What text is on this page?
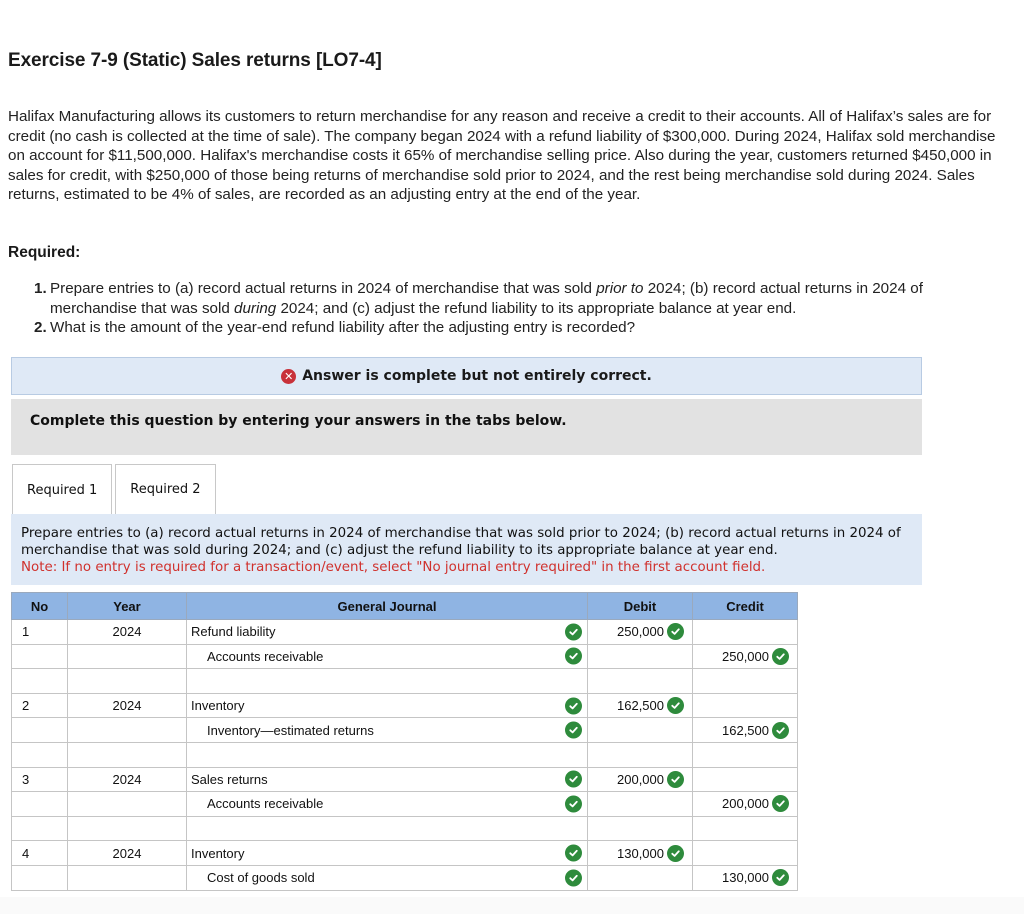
Exercise 7-9 (Static) Sales returns [LO7-4]
Halifax Manufacturing allows its customers to return merchandise for any reason and receive a credit to their accounts. All of Halifax’s sales are for credit (no cash is collected at the time of sale). The company began 2024 with a refund liability of $300,000. During 2024, Halifax sold merchandise on account for $11,500,000. Halifax's merchandise costs it 65% of merchandise selling price. Also during the year, customers returned $450,000 in sales for credit, with $250,000 of those being returns of merchandise sold prior to 2024, and the rest being merchandise sold during 2024. Sales returns, estimated to be 4% of sales, are recorded as an adjusting entry at the end of the year.
Required:
1. Prepare entries to (a) record actual returns in 2024 of merchandise that was sold prior to 2024; (b) record actual returns in 2024 of merchandise that was sold during 2024; and (c) adjust the refund liability to its appropriate balance at year end.
2. What is the amount of the year-end refund liability after the adjusting entry is recorded?
✕ Answer is complete but not entirely correct.
Complete this question by entering your answers in the tabs below.
Required 1	Required 2
Prepare entries to (a) record actual returns in 2024 of merchandise that was sold prior to 2024; (b) record actual returns in 2024 of merchandise that was sold during 2024; and (c) adjust the refund liability to its appropriate balance at year end.
Note: If no entry is required for a transaction/event, select "No journal entry required" in the first account field.
No	Year	General Journal	Debit	Credit
1	2024	Refund liability	250,000	

		Accounts receivable		250,000

2	2024	Inventory	162,500	

		Inventory—estimated returns		162,500

3	2024	Sales returns	200,000	

		Accounts receivable		200,000

4	2024	Inventory	130,000	

		Cost of goods sold		130,000
